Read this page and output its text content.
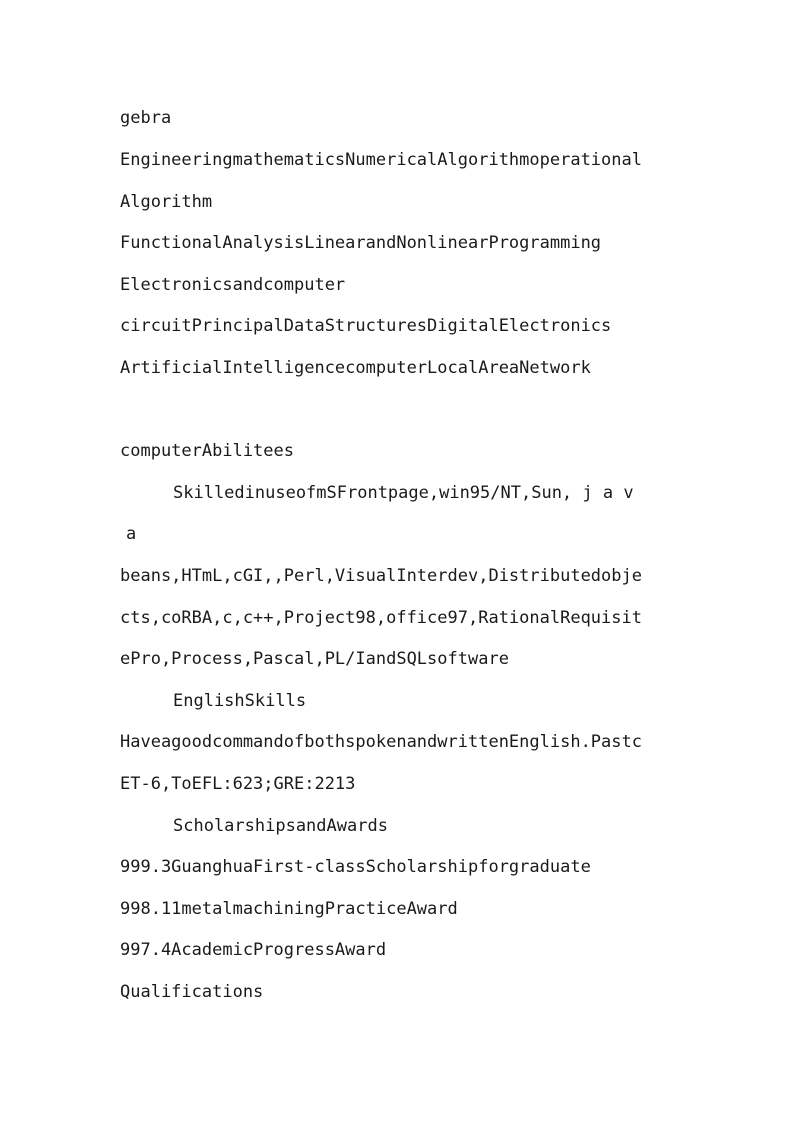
gebra
EngineeringmathematicsNumericalAlgorithmoperational
Algorithm
FunctionalAnalysisLinearandNonlinearProgramming
Electronicsandcomputer
circuitPrincipalDataStructuresDigitalElectronics
ArtificialIntelligencecomputerLocalAreaNetwork
computerAbilitees
SkilledinuseofmSFrontpage,win95/NT,Sun, j a v
a
beans,HTmL,cGI,,Perl,VisualInterdev,Distributedobje
cts,coRBA,c,c++,Project98,office97,RationalRequisit
ePro,Process,Pascal,PL/IandSQLsoftware
EnglishSkills
HaveagoodcommandofbothspokenandwrittenEnglish.Pastc
ET-6,ToEFL:623;GRE:2213
ScholarshipsandAwards
999.3GuanghuaFirst-classScholarshipforgraduate
998.11metalmachiningPracticeAward
997.4AcademicProgressAward
Qualifications
